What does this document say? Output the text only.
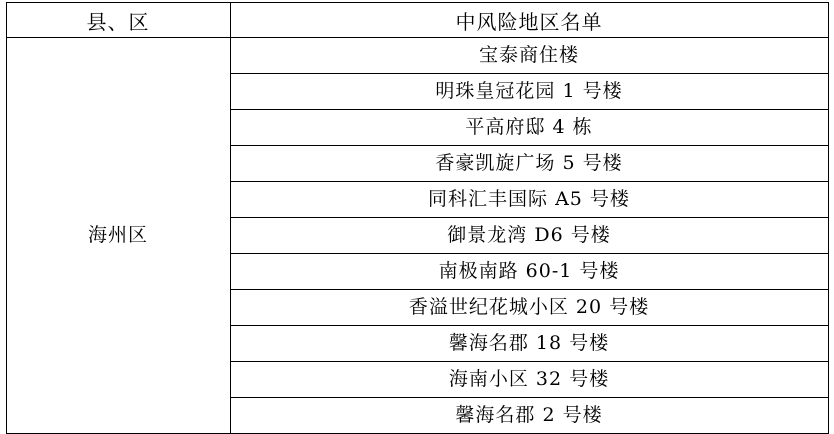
县、区	中风险地区名单
海州区	宝泰商住楼
	明珠皇冠花园 1 号楼
	平高府邸 4 栋
	香豪凯旋广场 5 号楼
	同科汇丰国际 A5 号楼
	御景龙湾 D6 号楼
	南极南路 60-1 号楼
	香溢世纪花城小区 20 号楼
	馨海名郡 18 号楼
	海南小区 32 号楼
	馨海名郡 2 号楼
